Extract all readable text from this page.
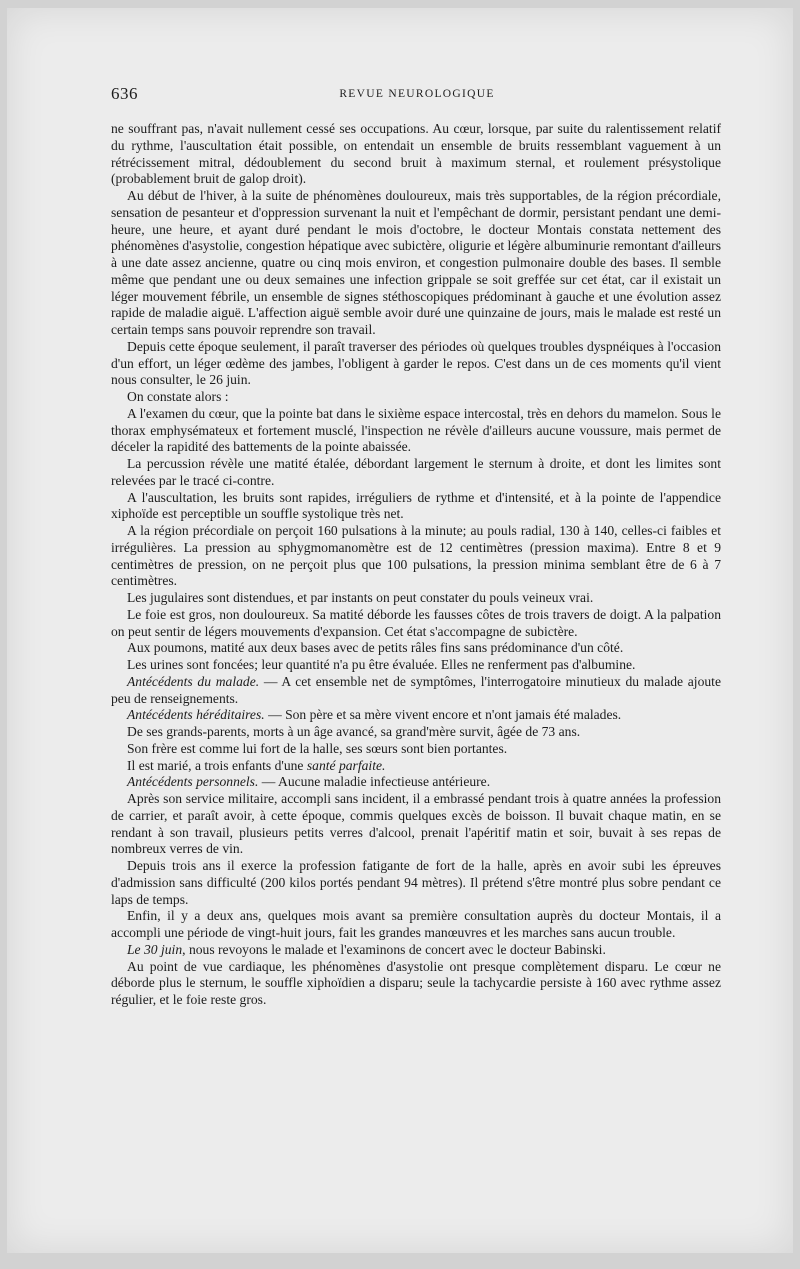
636	REVUE NEUROLOGIQUE

ne souffrant pas, n'avait nullement cessé ses occupations. Au cœur, lorsque, par suite du ralentissement relatif du rythme, l'auscultation était possible, on entendait un ensemble de bruits ressemblant vaguement à un rétrécissement mitral, dédoublement du second bruit à maximum sternal, et roulement présystolique (probablement bruit de galop droit).

Au début de l'hiver, à la suite de phénomènes douloureux, mais très supportables, de la région précordiale, sensation de pesanteur et d'oppression survenant la nuit et l'empêchant de dormir, persistant pendant une demi-heure, une heure, et ayant duré pendant le mois d'octobre, le docteur Montais constata nettement des phénomènes d'asystolie, congestion hépatique avec subictère, oligurie et légère albuminurie remontant d'ailleurs à une date assez ancienne, quatre ou cinq mois environ, et congestion pulmonaire double des bases. Il semble même que pendant une ou deux semaines une infection grippale se soit greffée sur cet état, car il existait un léger mouvement fébrile, un ensemble de signes stéthoscopiques prédominant à gauche et une évolution assez rapide de maladie aiguë. L'affection aiguë semble avoir duré une quinzaine de jours, mais le malade est resté un certain temps sans pouvoir reprendre son travail.

Depuis cette époque seulement, il paraît traverser des périodes où quelques troubles dyspnéiques à l'occasion d'un effort, un léger œdème des jambes, l'obligent à garder le repos. C'est dans un de ces moments qu'il vient nous consulter, le 26 juin.

On constate alors :

A l'examen du cœur, que la pointe bat dans le sixième espace intercostal, très en dehors du mamelon. Sous le thorax emphysémateux et fortement musclé, l'inspection ne révèle d'ailleurs aucune voussure, mais permet de déceler la rapidité des battements de la pointe abaissée.

La percussion révèle une matité étalée, débordant largement le sternum à droite, et dont les limites sont relevées par le tracé ci-contre.

A l'auscultation, les bruits sont rapides, irréguliers de rythme et d'intensité, et à la pointe de l'appendice xiphoïde est perceptible un souffle systolique très net.

A la région précordiale on perçoit 160 pulsations à la minute; au pouls radial, 130 à 140, celles-ci faibles et irrégulières. La pression au sphygmomanomètre est de 12 centimètres (pression maxima). Entre 8 et 9 centimètres de pression, on ne perçoit plus que 100 pulsations, la pression minima semblant être de 6 à 7 centimètres.

Les jugulaires sont distendues, et par instants on peut constater du pouls veineux vrai.

Le foie est gros, non douloureux. Sa matité déborde les fausses côtes de trois travers de doigt. A la palpation on peut sentir de légers mouvements d'expansion. Cet état s'accompagne de subictère.

Aux poumons, matité aux deux bases avec de petits râles fins sans prédominance d'un côté.

Les urines sont foncées; leur quantité n'a pu être évaluée. Elles ne renferment pas d'albumine.

Antécédents du malade. — A cet ensemble net de symptômes, l'interrogatoire minutieux du malade ajoute peu de renseignements.

Antécédents héréditaires. — Son père et sa mère vivent encore et n'ont jamais été malades.

De ses grands-parents, morts à un âge avancé, sa grand'mère survit, âgée de 73 ans.

Son frère est comme lui fort de la halle, ses sœurs sont bien portantes.

Il est marié, a trois enfants d'une santé parfaite.

Antécédents personnels. — Aucune maladie infectieuse antérieure.

Après son service militaire, accompli sans incident, il a embrassé pendant trois à quatre années la profession de carrier, et paraît avoir, à cette époque, commis quelques excès de boisson. Il buvait chaque matin, en se rendant à son travail, plusieurs petits verres d'alcool, prenait l'apéritif matin et soir, buvait à ses repas de nombreux verres de vin.

Depuis trois ans il exerce la profession fatigante de fort de la halle, après en avoir subi les épreuves d'admission sans difficulté (200 kilos portés pendant 94 mètres). Il prétend s'être montré plus sobre pendant ce laps de temps.

Enfin, il y a deux ans, quelques mois avant sa première consultation auprès du docteur Montais, il a accompli une période de vingt-huit jours, fait les grandes manœuvres et les marches sans aucun trouble.

Le 30 juin, nous revoyons le malade et l'examinons de concert avec le docteur Babinski.

Au point de vue cardiaque, les phénomènes d'asystolie ont presque complètement disparu. Le cœur ne déborde plus le sternum, le souffle xiphoïdien a disparu; seule la tachycardie persiste à 160 avec rythme assez régulier, et le foie reste gros.
